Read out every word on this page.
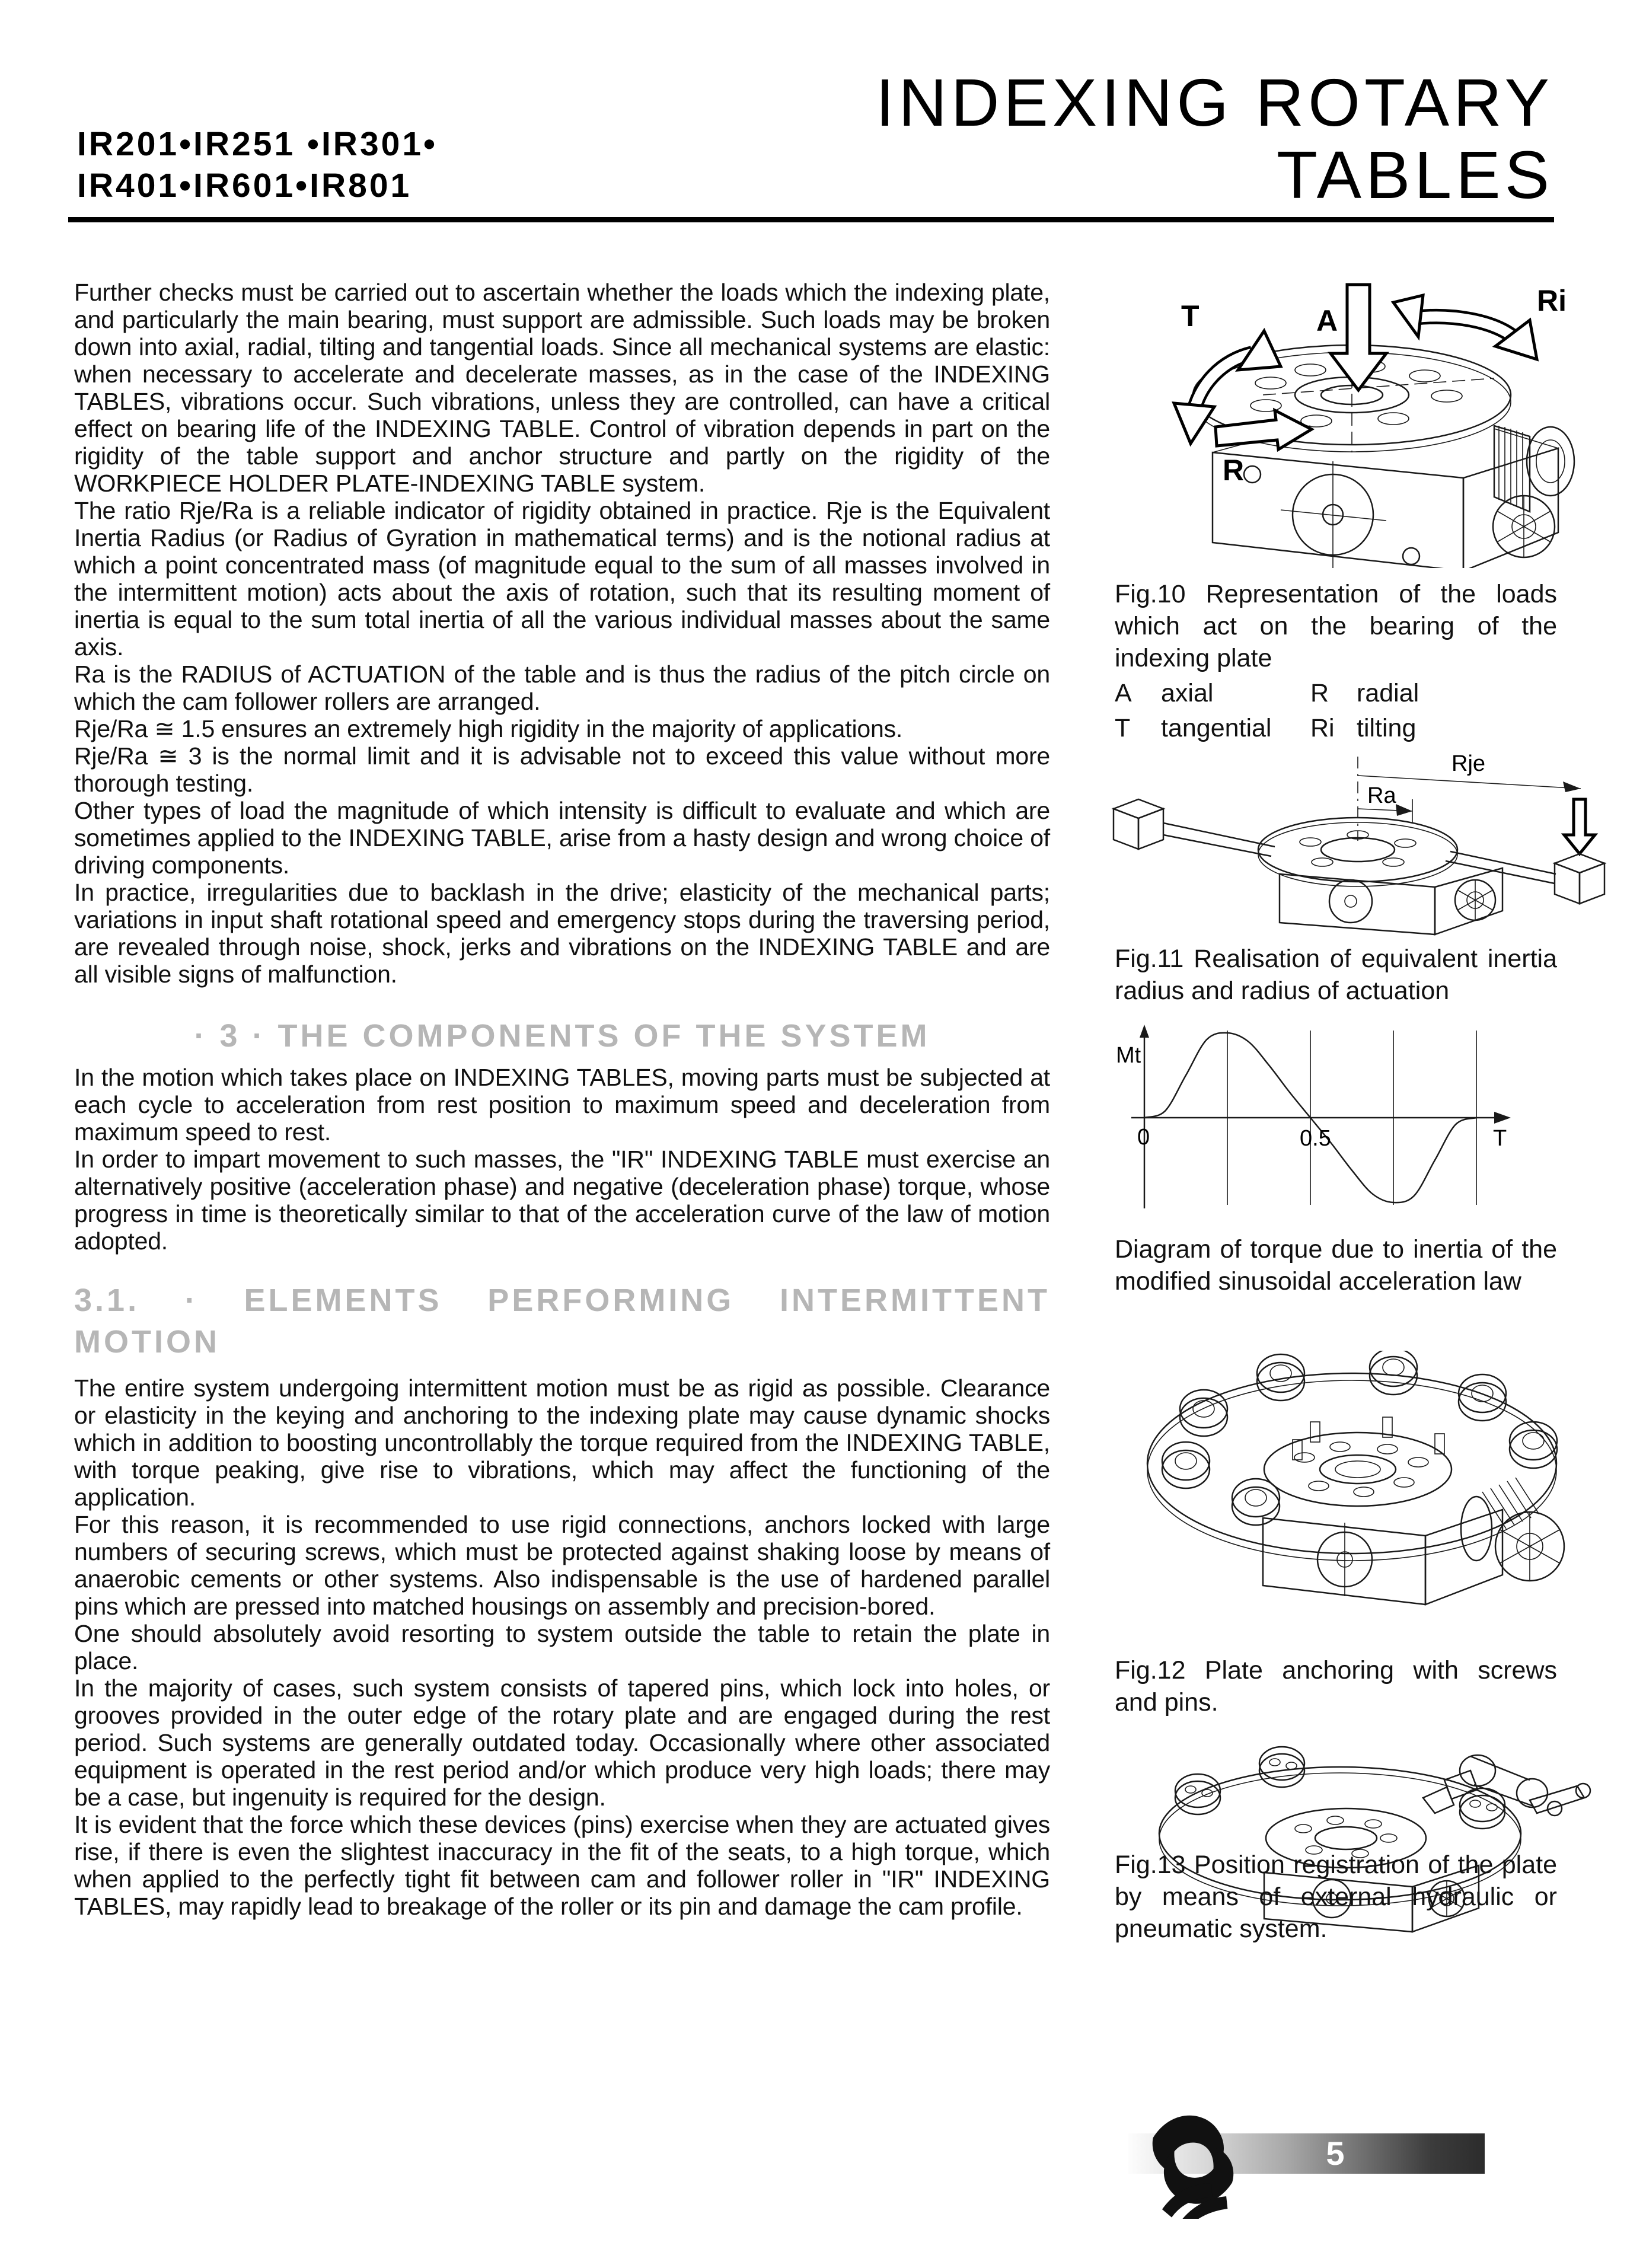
IR201•IR251 •IR301•
IR401•IR601•IR801
INDEXING ROTARY
TABLES

Further checks must be carried out to ascertain whether the loads which the indexing plate, and particularly the main bearing, must support are admissible. Such loads may be broken down into axial, radial, tilting and tangential loads. Since all mechanical systems are elastic: when necessary to accelerate and decelerate masses, as in the case of the INDEXING TABLES, vibrations occur. Such vibrations, unless they are controlled, can have a critical effect on bearing life of the INDEXING TABLE. Control of vibration depends in part on the rigidity of the table support and anchor structure and partly on the rigidity of the WORKPIECE HOLDER PLATE-INDEXING TABLE system.

The ratio Rje/Ra is a reliable indicator of rigidity obtained in practice. Rje is the Equivalent Inertia Radius (or Radius of Gyration in mathematical terms) and is the notional radius at which a point concentrated mass (of magnitude equal to the sum of all masses involved in the intermittent motion) acts about the axis of rotation, such that its resulting moment of inertia is equal to the sum total inertia of all the various individual masses about the same axis.

Ra is the RADIUS of ACTUATION of the table and is thus the radius of the pitch circle on which the cam follower rollers are arranged.

Rje/Ra ≅ 1.5 ensures an extremely high rigidity in the majority of applications.

Rje/Ra ≅ 3 is the normal limit and it is advisable not to exceed this value without more thorough testing.

Other types of load the magnitude of which intensity is difficult to evaluate and which are sometimes applied to the INDEXING TABLE, arise from a hasty design and wrong choice of driving components.

In practice, irregularities due to backlash in the drive; elasticity of the mechanical parts; variations in input shaft rotational speed and emergency stops during the traversing period, are revealed through noise, shock, jerks and vibrations on the INDEXING TABLE and are all visible signs of malfunction.

· 3 · THE COMPONENTS OF THE SYSTEM

In the motion which takes place on INDEXING TABLES, moving parts must be subjected at each cycle to acceleration from rest position to maximum speed and deceleration from maximum speed to rest.

In order to impart movement to such masses, the "IR" INDEXING TABLE must exercise an alternatively positive (acceleration phase) and negative (deceleration phase) torque, whose progress in time is theoretically similar to that of the acceleration curve of the law of motion adopted.

3.1. · ELEMENTS PERFORMING INTERMITTENT
MOTION

The entire system undergoing intermittent motion must be as rigid as possible. Clearance or elasticity in the keying and anchoring to the indexing plate may cause dynamic shocks which in addition to boosting uncontrollably the torque required from the INDEXING TABLE, with torque peaking, give rise to vibrations, which may affect the functioning of the application.

For this reason, it is recommended to use rigid connections, anchors locked with large numbers of securing screws, which must be protected against shaking loose by means of anaerobic cements or other systems. Also indispensable is the use of hardened parallel pins which are pressed into matched housings on assembly and precision-bored.

One should absolutely avoid resorting to system outside the table to retain the plate in place.

In the majority of cases, such system consists of tapered pins, which lock into holes, or grooves provided in the outer edge of the rotary plate and are engaged during the rest period. Such systems are generally outdated today. Occasionally where other associated equipment is operated in the rest period and/or which produce very high loads; there may be a case, but ingenuity is required for the design.

It is evident that the force which these devices (pins) exercise when they are actuated gives rise, if there is even the slightest inaccuracy in the fit of the seats, to a high torque, which when applied to the perfectly tight fit between cam and follower roller in "IR" INDEXING TABLES, may rapidly lead to breakage of the roller or its pin and damage the cam profile.

T	Ri
A
R
Fig.10 Representation of the loads which act on the bearing of the indexing plate
A axial	R radial
T tangential	Ri tilting
Rje
Ra
Fig.11 Realisation of equivalent inertia radius and radius of actuation
Mt
0	0.5	T
Diagram of torque due to inertia of the modified sinusoidal acceleration law
Fig.12 Plate anchoring with screws and pins.
Fig.13 Position registration of the plate by means of external hydraulic or pneumatic system.
5
